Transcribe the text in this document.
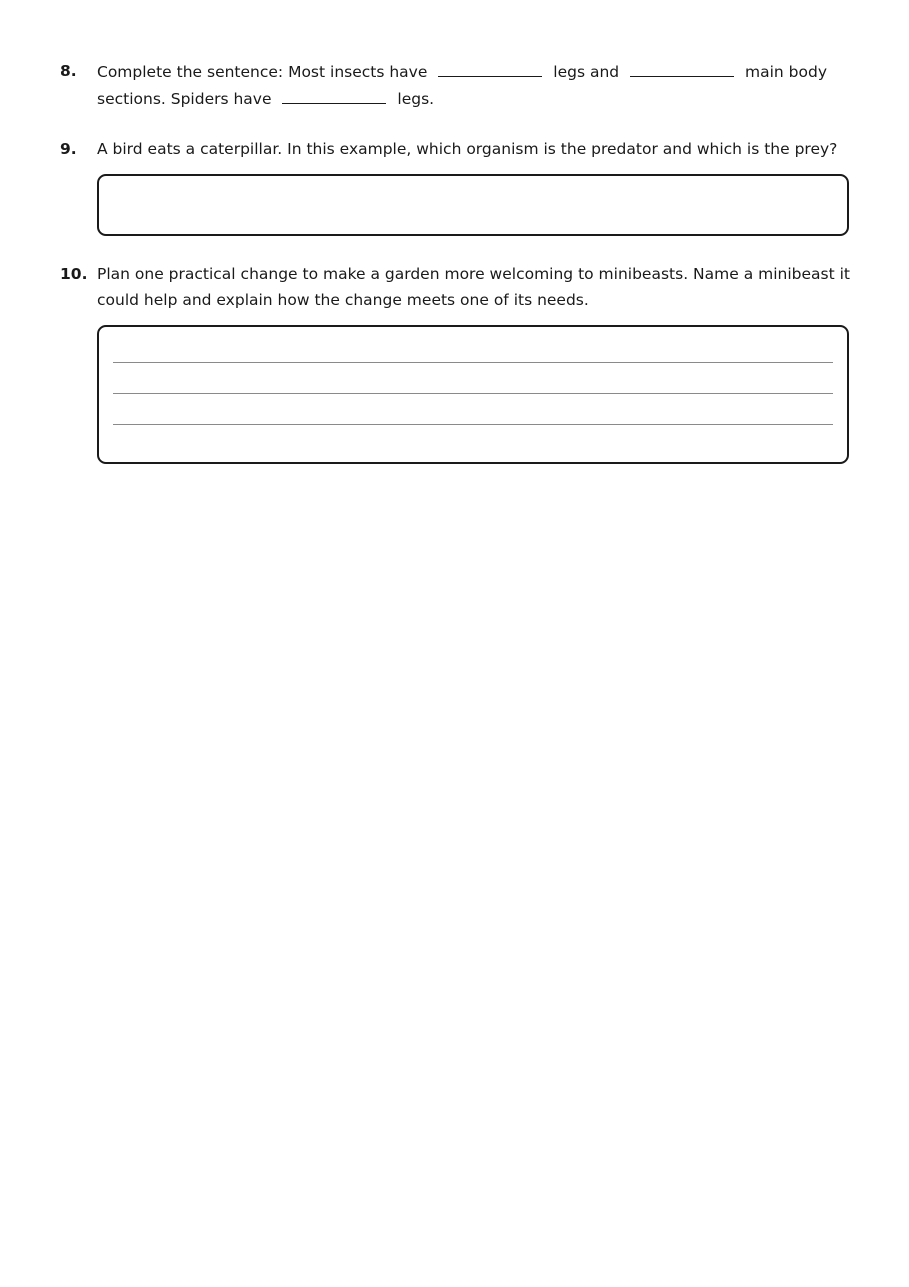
8. Complete the sentence: Most insects have	legs and	main body
sections. Spiders have	legs.
9. A bird eats a caterpillar. In this example, which organism is the predator and which is the prey?
10. Plan one practical change to make a garden more welcoming to minibeasts. Name a minibeast it could help and explain how the change meets one of its needs.
